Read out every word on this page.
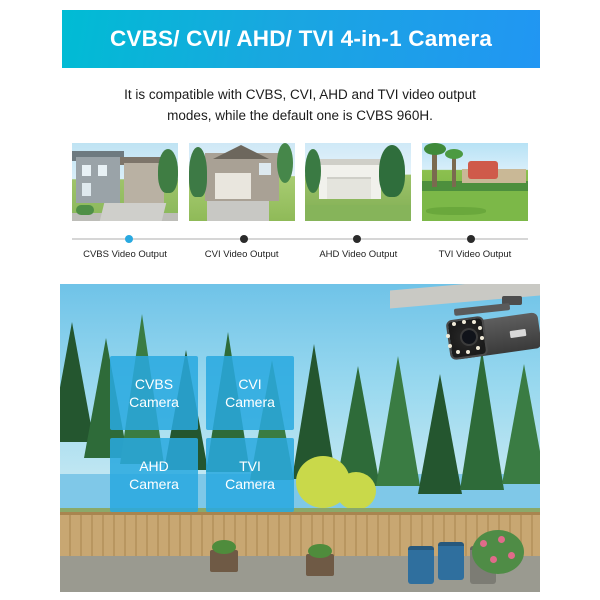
CVBS/ CVI/ AHD/ TVI 4-in-1 Camera
It is compatible with CVBS, CVI, AHD and TVI video output
modes, while the default one is CVBS 960H.
CVBS Video Output	CVI Video Output	AHD Video Output	TVI Video Output
CVBS
Camera
CVI
Camera
AHD
Camera
TVI
Camera
